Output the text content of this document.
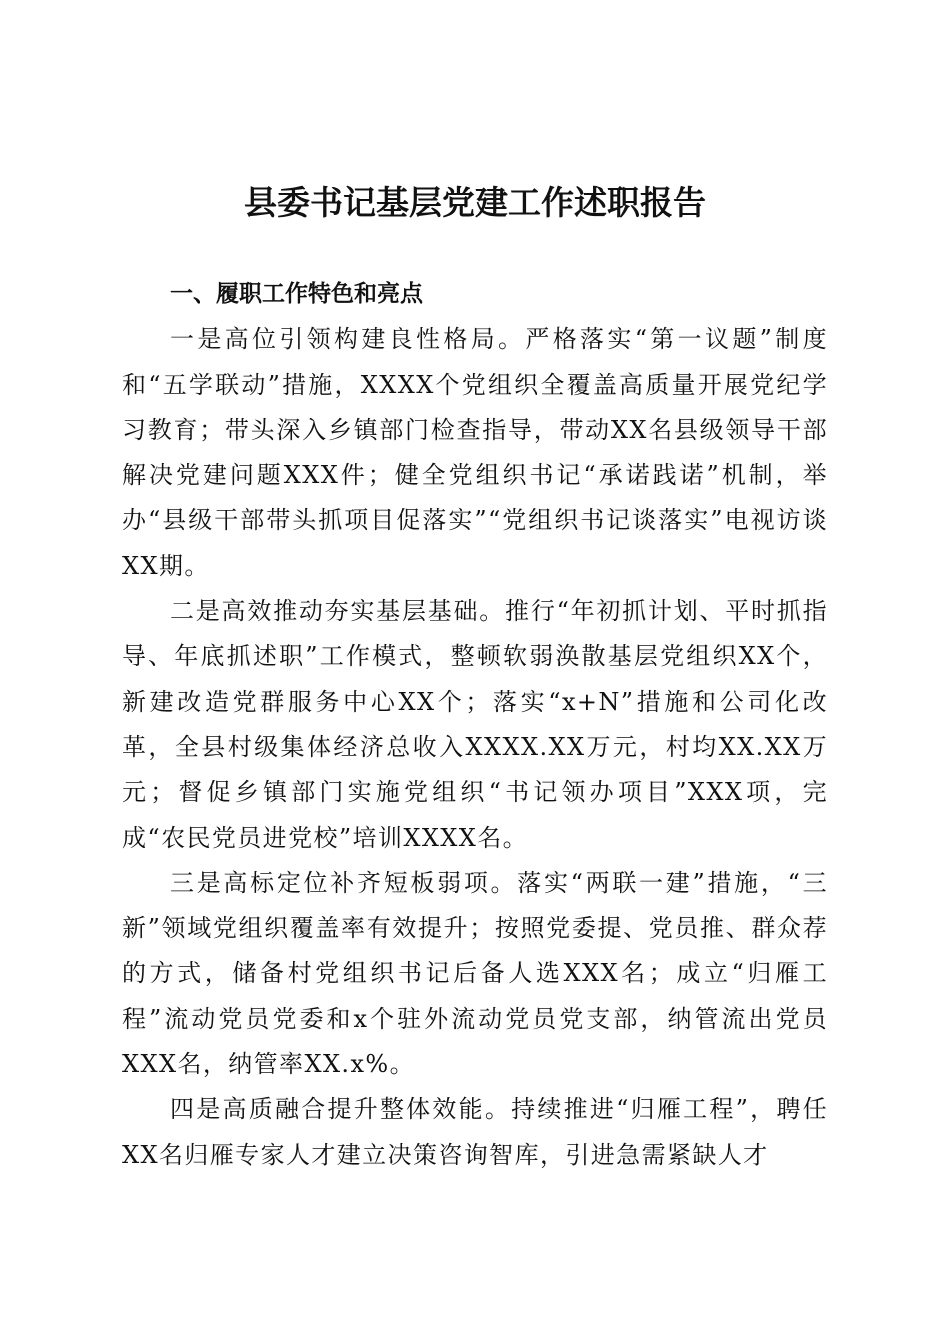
县委书记基层党建工作述职报告

一、履职工作特色和亮点

一是高位引领构建良性格局。严格落实“第一议题”制度和“五学联动”措施，XXXX个党组织全覆盖高质量开展党纪学习教育；带头深入乡镇部门检查指导，带动XX名县级领导干部解决党建问题XXX件；健全党组织书记“承诺践诺”机制，举办“县级干部带头抓项目促落实”“党组织书记谈落实”电视访谈XX期。

二是高效推动夯实基层基础。推行“年初抓计划、平时抓指导、年底抓述职”工作模式，整顿软弱涣散基层党组织XX个，新建改造党群服务中心XX个；落实“x+N”措施和公司化改革，全县村级集体经济总收入XXXX.XX万元，村均XX.XX万元；督促乡镇部门实施党组织“书记领办项目”XXX项，完成“农民党员进党校”培训XXXX名。

三是高标定位补齐短板弱项。落实“两联一建”措施，“三新”领域党组织覆盖率有效提升；按照党委提、党员推、群众荐的方式，储备村党组织书记后备人选XXX名；成立“归雁工程”流动党员党委和x个驻外流动党员党支部，纳管流出党员XXX名，纳管率XX.x%。

四是高质融合提升整体效能。持续推进“归雁工程”，聘任XX名归雁专家人才建立决策咨询智库，引进急需紧缺人才
